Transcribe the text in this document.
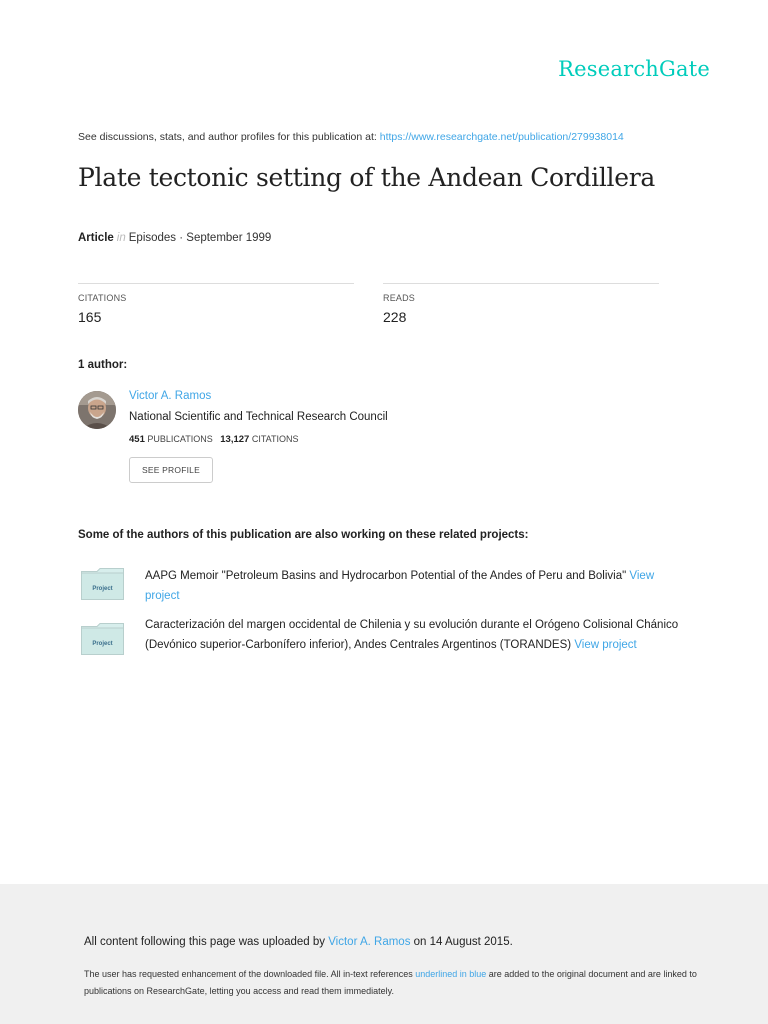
ResearchGate
See discussions, stats, and author profiles for this publication at: https://www.researchgate.net/publication/279938014
Plate tectonic setting of the Andean Cordillera
Article in Episodes · September 1999
CITATIONS
165
READS
228
1 author:
Victor A. Ramos
National Scientific and Technical Research Council
451 PUBLICATIONS 13,127 CITATIONS
SEE PROFILE
Some of the authors of this publication are also working on these related projects:
Project
AAPG Memoir "Petroleum Basins and Hydrocarbon Potential of the Andes of Peru and Bolivia" View project
Project
Caracterización del margen occidental de Chilenia y su evolución durante el Orógeno Colisional Chánico (Devónico superior-Carbonífero inferior), Andes Centrales Argentinos (TORANDES) View project
All content following this page was uploaded by Victor A. Ramos on 14 August 2015.
The user has requested enhancement of the downloaded file. All in-text references underlined in blue are added to the original document and are linked to publications on ResearchGate, letting you access and read them immediately.
